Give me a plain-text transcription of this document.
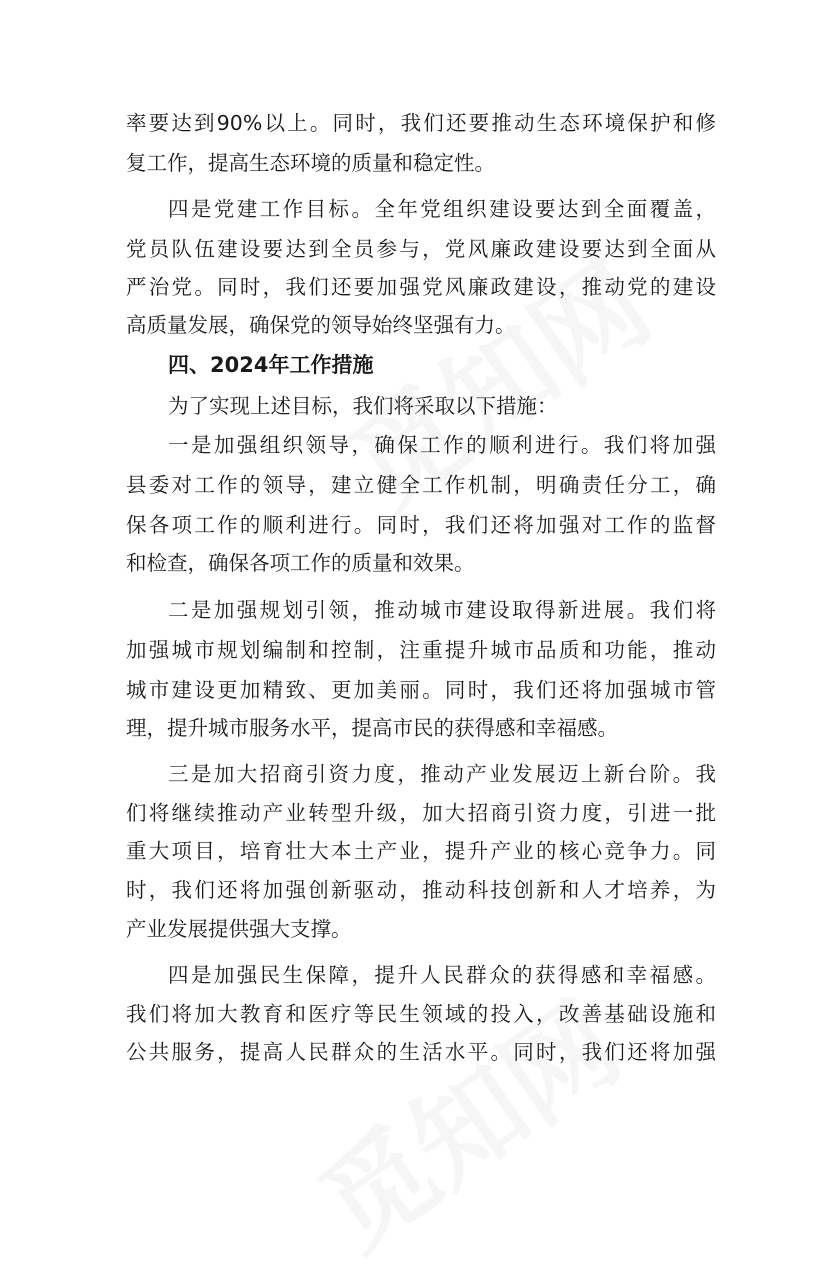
率要达到90%以上。同时，我们还要推动生态环境保护和修
复工作，提高生态环境的质量和稳定性。
四是党建工作目标。全年党组织建设要达到全面覆盖，
党员队伍建设要达到全员参与，党风廉政建设要达到全面从
严治党。同时，我们还要加强党风廉政建设，推动党的建设
高质量发展，确保党的领导始终坚强有力。
四、2024年工作措施
为了实现上述目标，我们将采取以下措施：
一是加强组织领导，确保工作的顺利进行。我们将加强
县委对工作的领导，建立健全工作机制，明确责任分工，确
保各项工作的顺利进行。同时，我们还将加强对工作的监督
和检查，确保各项工作的质量和效果。
二是加强规划引领，推动城市建设取得新进展。我们将
加强城市规划编制和控制，注重提升城市品质和功能，推动
城市建设更加精致、更加美丽。同时，我们还将加强城市管
理，提升城市服务水平，提高市民的获得感和幸福感。
三是加大招商引资力度，推动产业发展迈上新台阶。我
们将继续推动产业转型升级，加大招商引资力度，引进一批
重大项目，培育壮大本土产业，提升产业的核心竞争力。同
时，我们还将加强创新驱动，推动科技创新和人才培养，为
产业发展提供强大支撑。
四是加强民生保障，提升人民群众的获得感和幸福感。
我们将加大教育和医疗等民生领域的投入，改善基础设施和
公共服务，提高人民群众的生活水平。同时，我们还将加强
